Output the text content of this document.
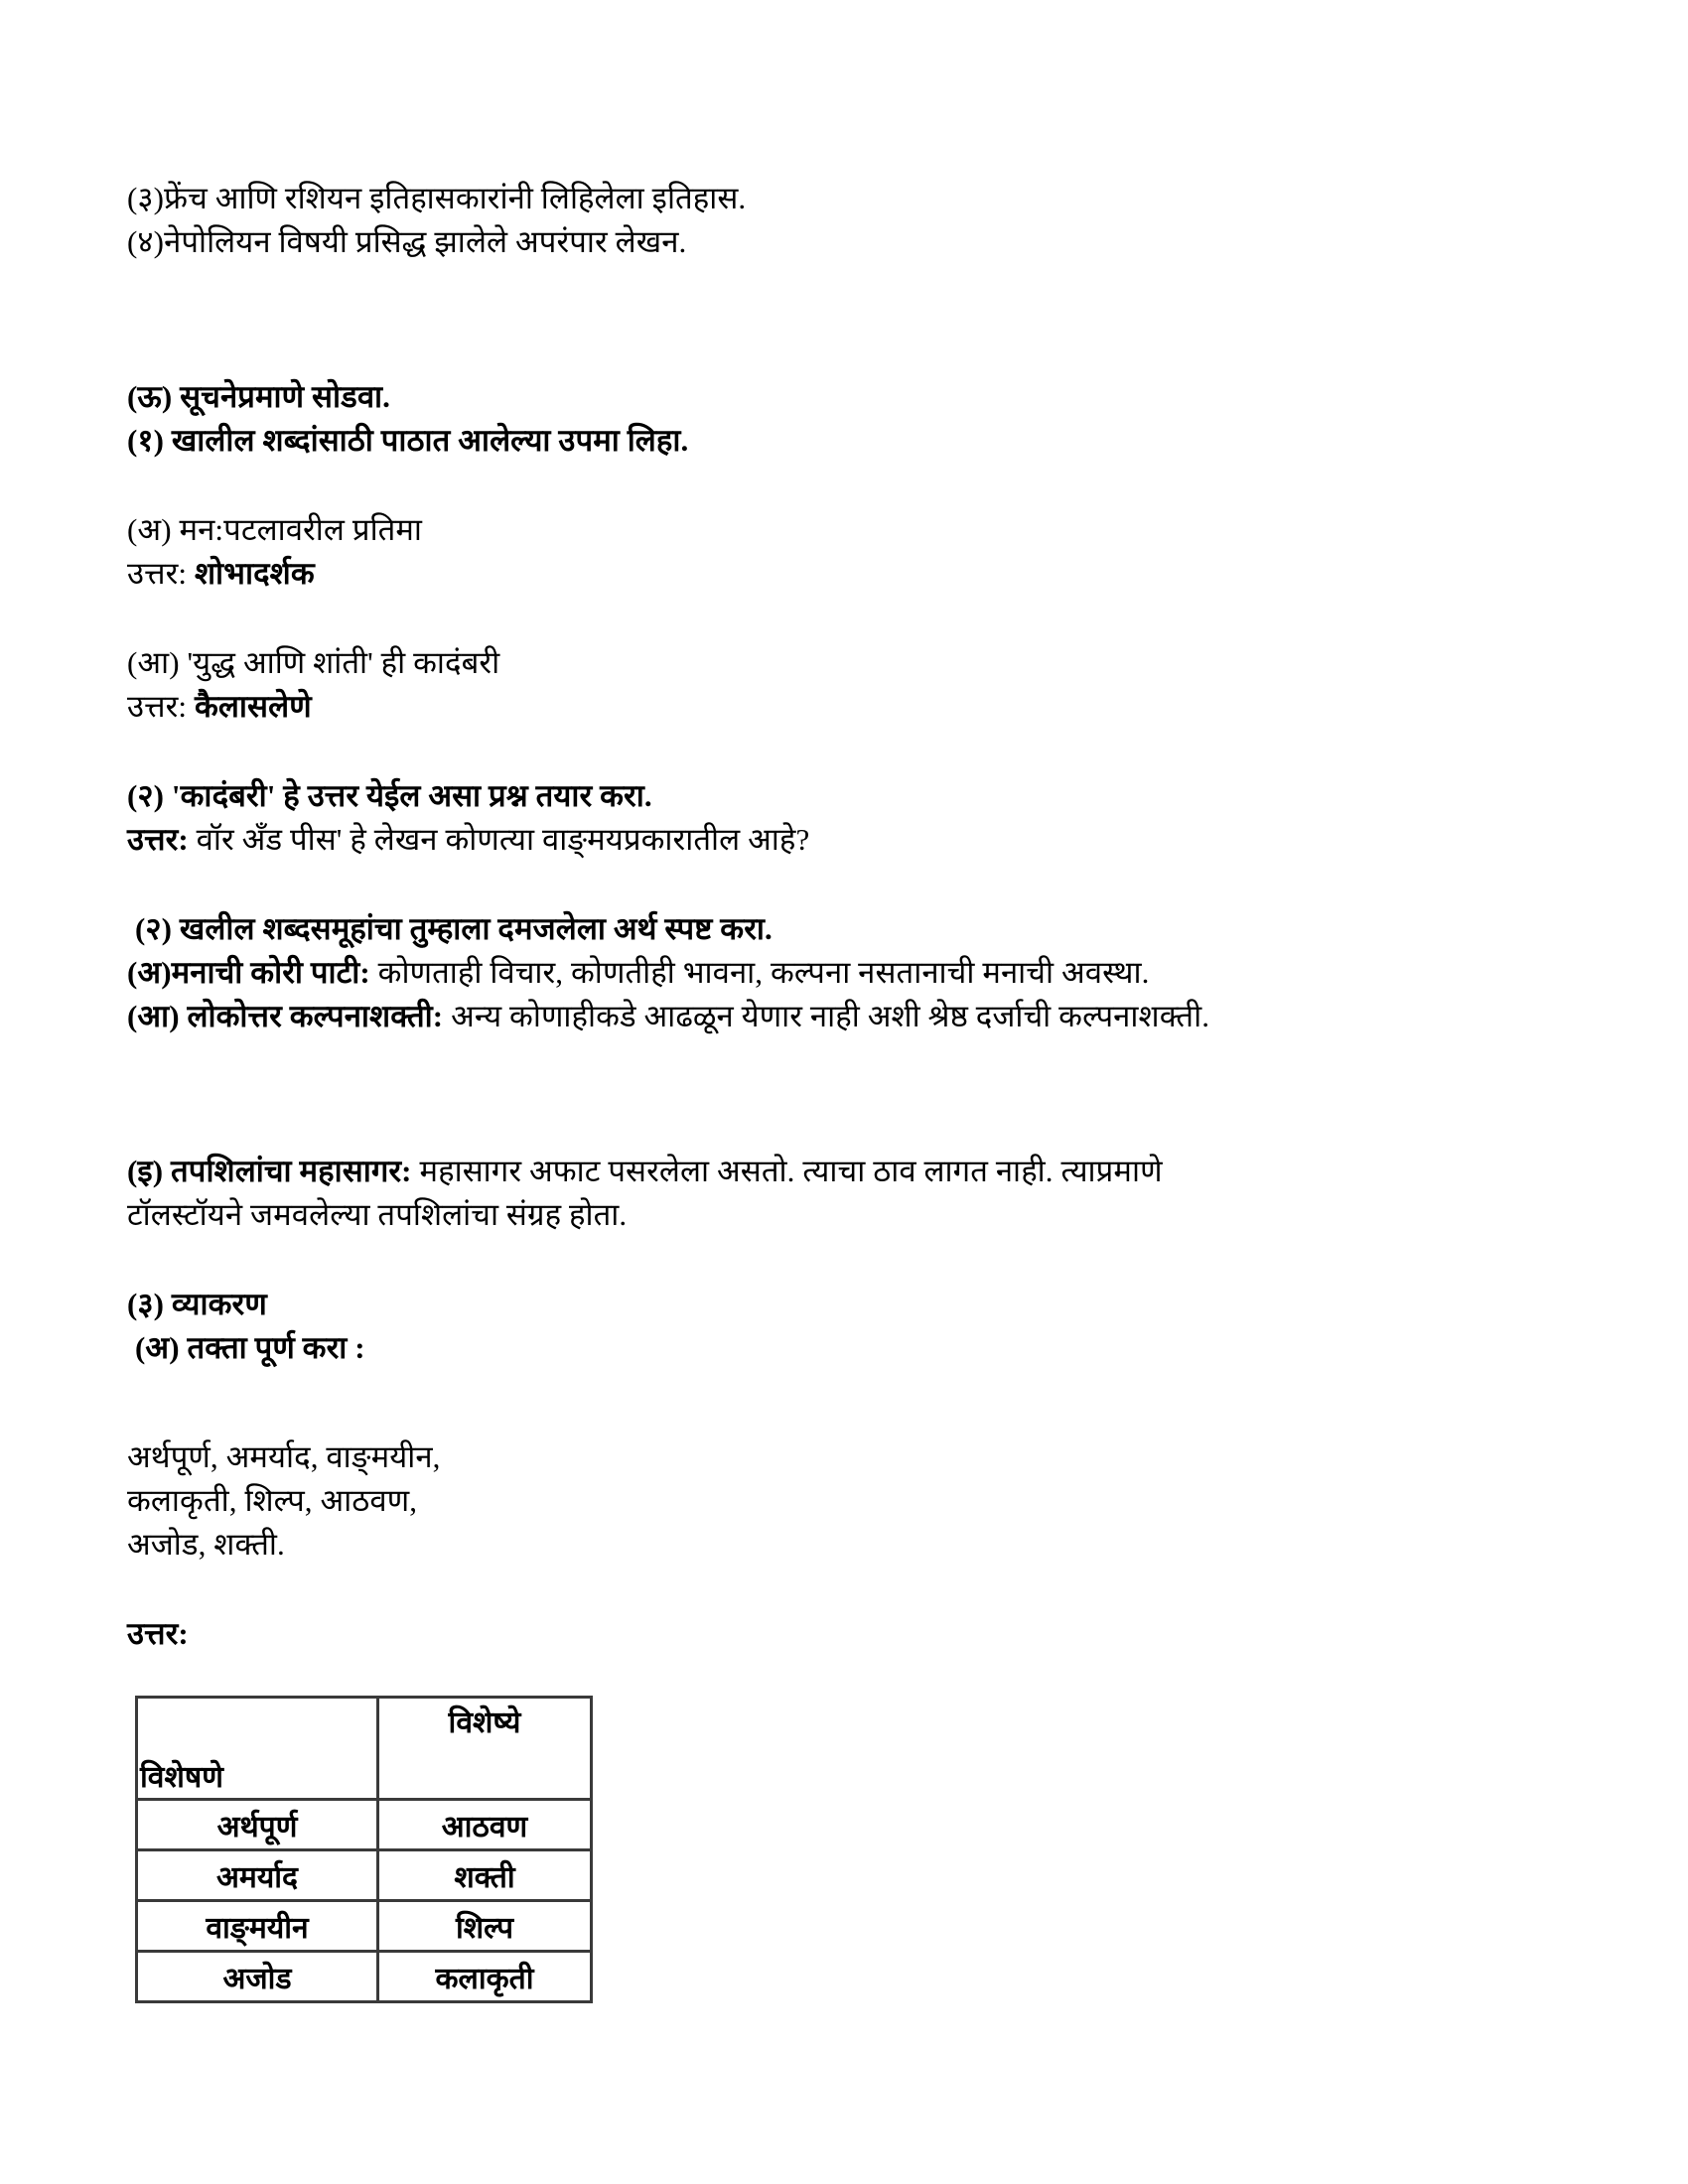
(३)फ्रेंच आणि रशियन इतिहासकारांनी लिहिलेला इतिहास.
(४)नेपोलियन विषयी प्रसिद्ध झालेले अपरंपार लेखन.
(ऊ) सूचनेप्रमाणे सोडवा.
(१) खालील शब्दांसाठी पाठात आलेल्या उपमा लिहा.
(अ) मन:पटलावरील प्रतिमा
उत्तर: शोभादर्शक
(आ) 'युद्ध आणि शांती' ही कादंबरी
उत्तर: कैलासलेणे
(२) 'कादंबरी' हे उत्तर येईल असा प्रश्न तयार करा.
उत्तर: वॉर अँड पीस' हे लेखन कोणत्या वाङ्‌मयप्रकारातील आहे?
(२) खलील शब्दसमूहांचा तुम्हाला दमजलेला अर्थ स्पष्ट करा.
(अ)मनाची कोरी पाटी: कोणताही विचार, कोणतीही भावना, कल्पना नसतानाची मनाची अवस्था.
(आ) लोकोत्तर कल्पनाशक्ती: अन्य कोणाहीकडे आढळून येणार नाही अशी श्रेष्ठ दर्जाची कल्पनाशक्ती.
(इ) तपशिलांचा महासागर: महासागर अफाट पसरलेला असतो. त्याचा ठाव लागत नाही. त्याप्रमाणे
टॉलस्टॉयने जमवलेल्या तपशिलांचा संग्रह होता.
(३) व्याकरण
(अ) तक्ता पूर्ण करा :
अर्थपूर्ण, अमर्याद, वाङ्‌मयीन,
कलाकृती, शिल्प, आठवण,
अजोड, शक्ती.
उत्तर:
विशेषणे	विशेष्ये
अर्थपूर्ण	आठवण
अमर्याद	शक्ती
वाङ्‌मयीन	शिल्प
अजोड	कलाकृती
